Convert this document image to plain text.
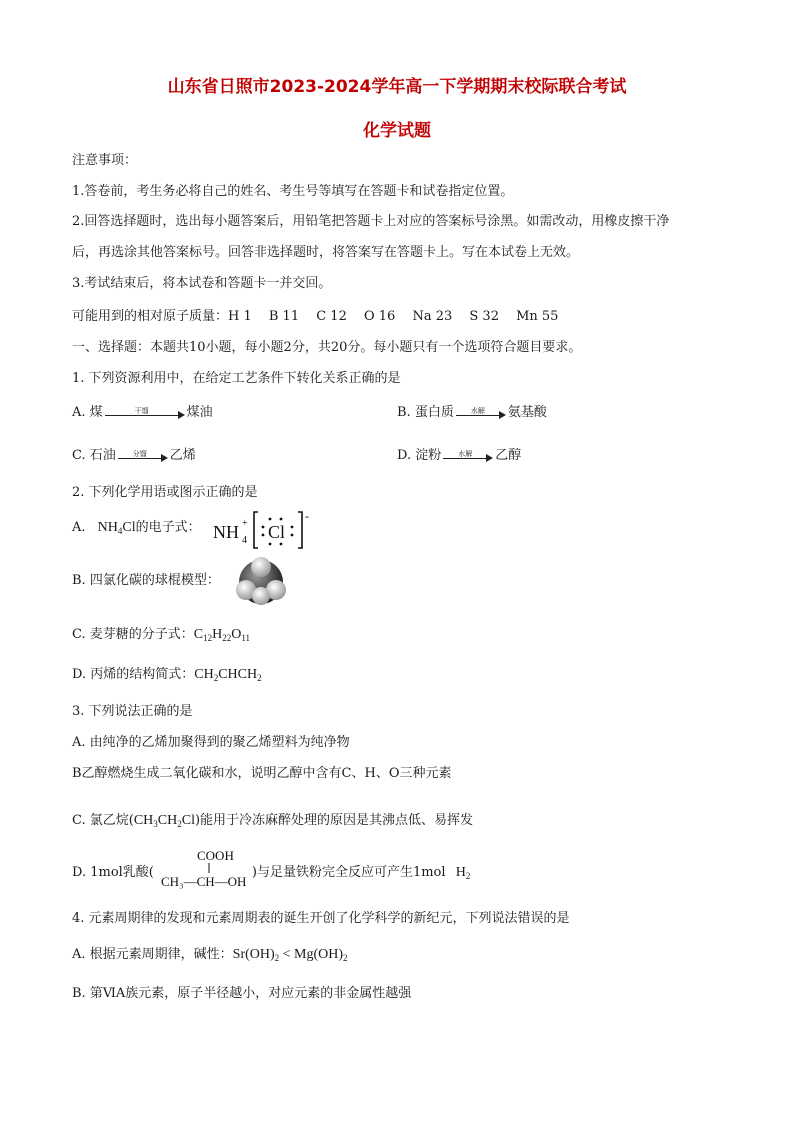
山东省日照市2023-2024学年高一下学期期末校际联合考试
化学试题
注意事项：
1.答卷前，考生务必将自己的姓名、考生号等填写在答题卡和试卷指定位置。
2.回答选择题时，选出每小题答案后，用铅笔把答题卡上对应的答案标号涂黑。如需改动，用橡皮擦干净
后，再选涂其他答案标号。回答非选择题时，将答案写在答题卡上。写在本试卷上无效。
3.考试结束后，将本试卷和答题卡一并交回。
可能用到的相对原子质量：H 1　 B 11　 C 12　 O 16　 Na 23　 S 32　 Mn 55
一、选择题：本题共10小题，每小题2分，共20分。每小题只有一个选项符合题目要求。
1. 下列资源利用中，在给定工艺条件下转化关系正确的是
A. 煤	干馏	煤油	B. 蛋白质	水解	氨基酸
C. 石油	分馏	乙烯	D. 淀粉	水解	乙醇
2. 下列化学用语或图示正确的是
A. $NH_4Cl$的电子式： NH 4
+ Cl
-
B. 四氯化碳的球棍模型：
C. 麦芽糖的分子式：$C_{12}H_{22}O_{11}$
D. 丙烯的结构简式：$CH_2CHCH_2$
3. 下列说法正确的是
A. 由纯净的乙烯加聚得到的聚乙烯塑料为纯净物
B乙醇燃烧生成二氧化碳和水，说明乙醇中含有C、H、O三种元素
C. 氯乙烷$(CH_3CH_2Cl)$能用于冷冻麻醉处理的原因是其沸点低、易挥发
D. 1mol乳酸(	)与足量铁粉完全反应可产生1mol $H_2$
COOH
CH₃—CH—OH
4. 元素周期律的发现和元素周期表的诞生开创了化学科学的新纪元，下列说法错误的是
A. 根据元素周期律，碱性：$Sr(OH)_2 < Mg(OH)_2$
B. 第ⅥA族元素，原子半径越小，对应元素的非金属性越强
